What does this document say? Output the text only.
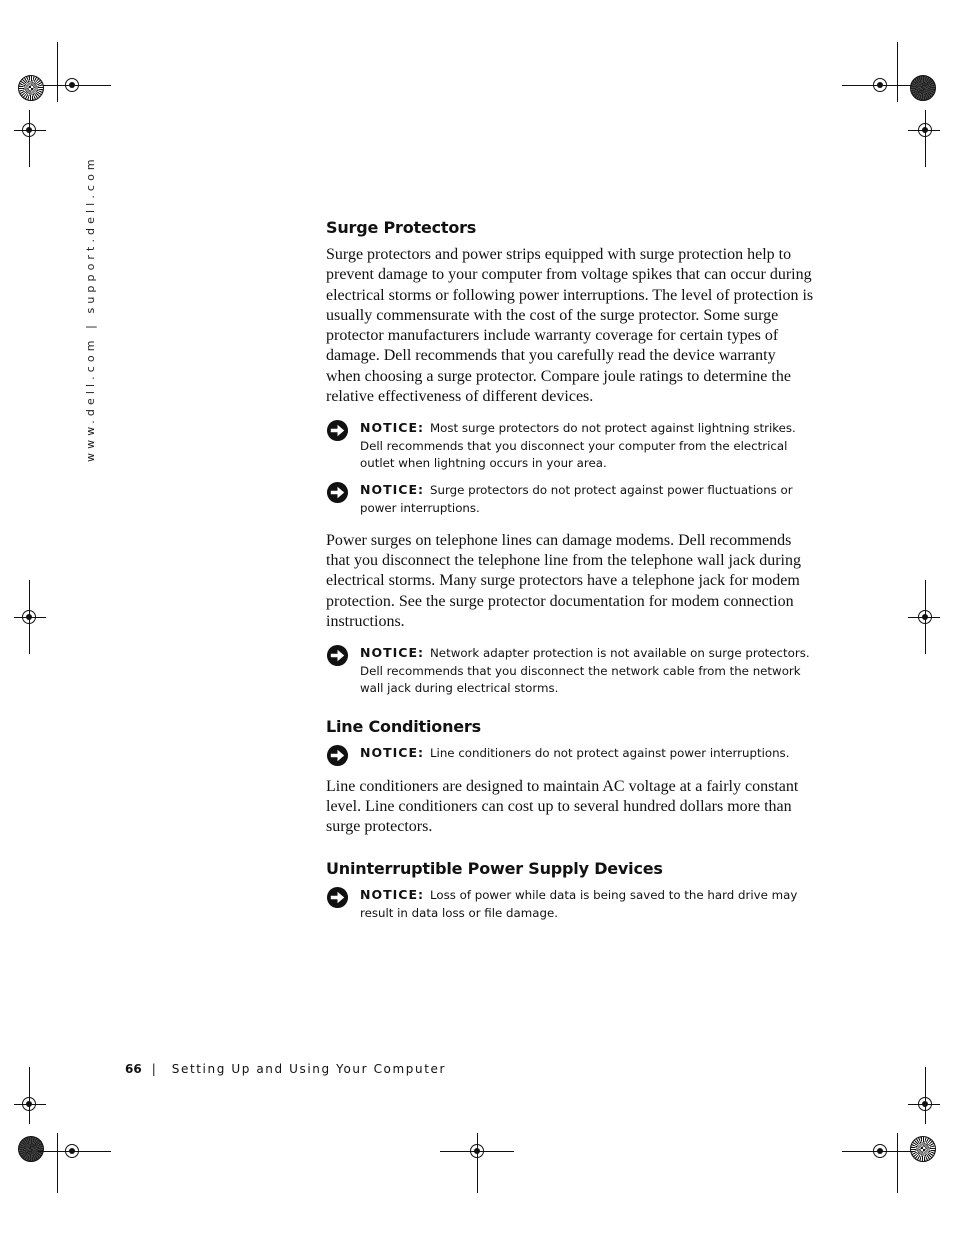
www.dell.com | support.dell.com	Surge Protectors

Surge protectors and power strips equipped with surge protection help to prevent damage to your computer from voltage spikes that can occur during electrical storms or following power interruptions. The level of protection is usually commensurate with the cost of the surge protector. Some surge protector manufacturers include warranty coverage for certain types of damage. Dell recommends that you carefully read the device warranty when choosing a surge protector. Compare joule ratings to determine the relative effectiveness of different devices.

NOTICE: Most surge protectors do not protect against lightning strikes. Dell recommends that you disconnect your computer from the electrical outlet when lightning occurs in your area.
NOTICE: Surge protectors do not protect against power fluctuations or power interruptions.

Power surges on telephone lines can damage modems. Dell recommends that you disconnect the telephone line from the telephone wall jack during electrical storms. Many surge protectors have a telephone jack for modem protection. See the surge protector documentation for modem connection instructions.

NOTICE: Network adapter protection is not available on surge protectors. Dell recommends that you disconnect the network cable from the network wall jack during electrical storms.
Line Conditioners
NOTICE: Line conditioners do not protect against power interruptions.

Line conditioners are designed to maintain AC voltage at a fairly constant level. Line conditioners can cost up to several hundred dollars more than surge protectors.

Uninterruptible Power Supply Devices
NOTICE: Loss of power while data is being saved to the hard drive may result in data loss or file damage.
66 | Setting Up and Using Your Computer
